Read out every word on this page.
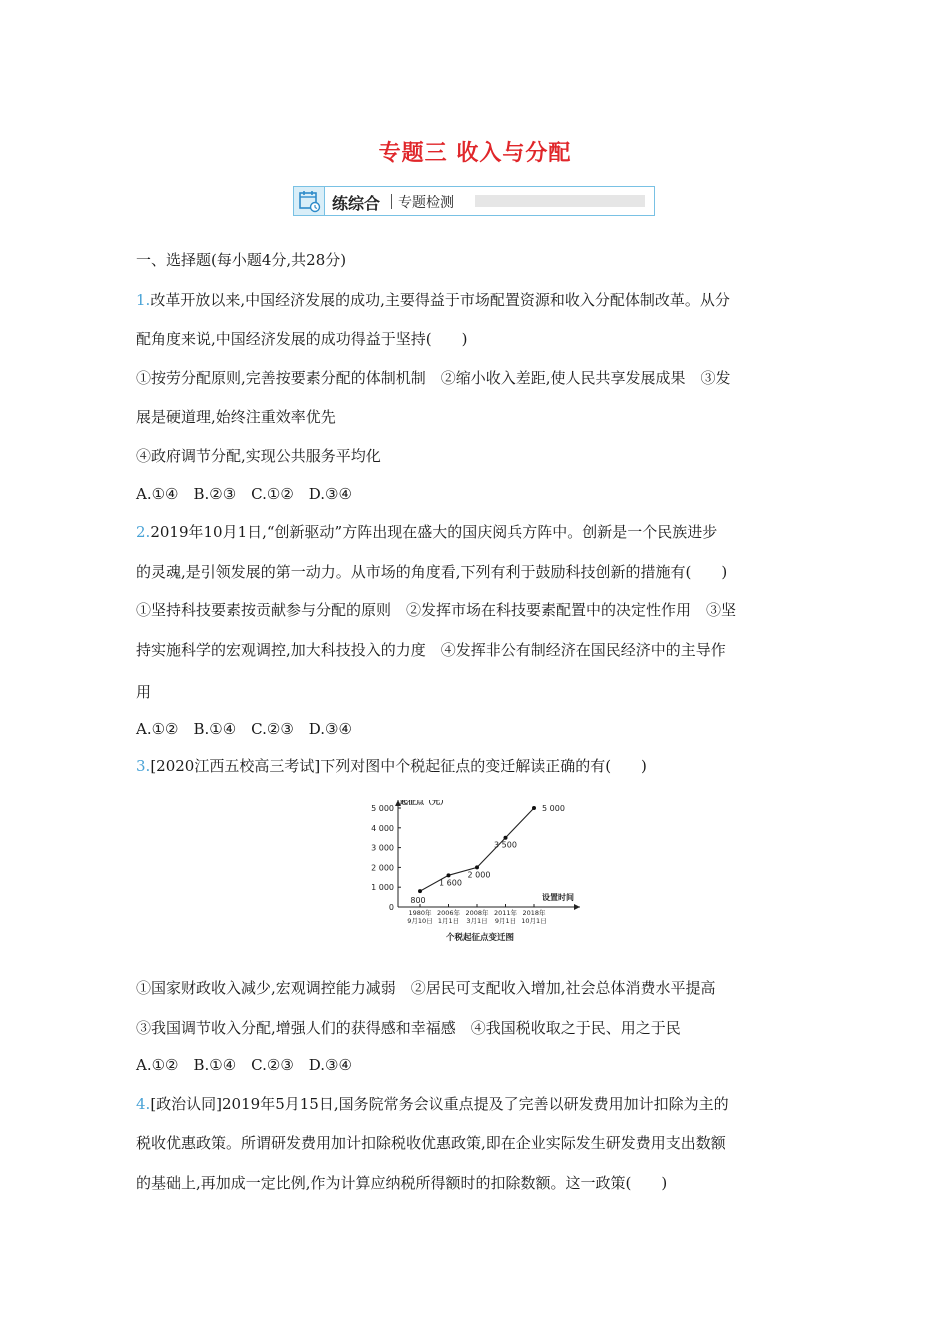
专题三 收入与分配
练综合 专题检测
一、选择题(每小题4分,共28分)
1.改革开放以来,中国经济发展的成功,主要得益于市场配置资源和收入分配体制改革。从分
配角度来说,中国经济发展的成功得益于坚持(　　)
①按劳分配原则,完善按要素分配的体制机制　②缩小收入差距,使人民共享发展成果　③发
展是硬道理,始终注重效率优先
④政府调节分配,实现公共服务平均化
A.①④　B.②③　C.①②　D.③④
2.2019年10月1日,“创新驱动”方阵出现在盛大的国庆阅兵方阵中。创新是一个民族进步
的灵魂,是引领发展的第一动力。从市场的角度看,下列有利于鼓励科技创新的措施有(　　)
①坚持科技要素按贡献参与分配的原则　②发挥市场在科技要素配置中的决定性作用　③坚
持实施科学的宏观调控,加大科技投入的力度　④发挥非公有制经济在国民经济中的主导作
用
A.①②　B.①④　C.②③　D.③④
3.[2020江西五校高三考试]下列对图中个税起征点的变迁解读正确的有(　　)
0
1 000
2 000
3 000
4 000
5 000
起征点（元）
设置时间
1980年
9月10日
2006年
1月1日
2008年
3月1日
2011年
9月1日
2018年
10月1日
800
1 600
2 000
3 500
5 000
个税起征点变迁图
①国家财政收入减少,宏观调控能力减弱　②居民可支配收入增加,社会总体消费水平提高
③我国调节收入分配,增强人们的获得感和幸福感　④我国税收取之于民、用之于民
A.①②　B.①④　C.②③　D.③④
4.[政治认同]2019年5月15日,国务院常务会议重点提及了完善以研发费用加计扣除为主的
税收优惠政策。所谓研发费用加计扣除税收优惠政策,即在企业实际发生研发费用支出数额
的基础上,再加成一定比例,作为计算应纳税所得额时的扣除数额。这一政策(　　)
